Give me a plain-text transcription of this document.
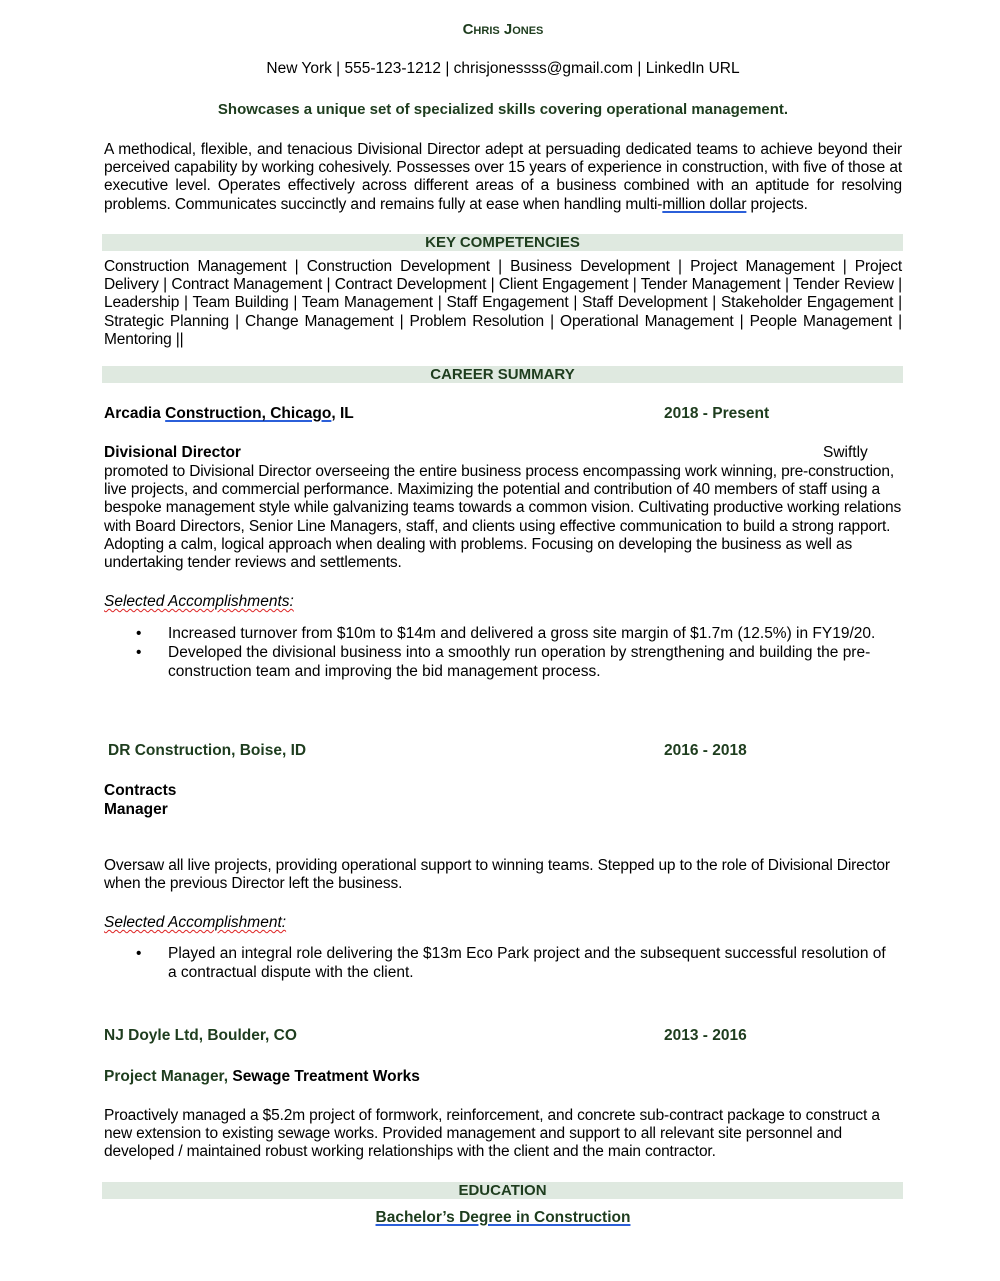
Chris Jones
New York | 555-123-1212 | chrisjonessss@gmail.com | LinkedIn URL
Showcases a unique set of specialized skills covering operational management.
A methodical, flexible, and tenacious Divisional Director adept at persuading dedicated teams to achieve beyond their perceived capability by working cohesively. Possesses over 15 years of experience in construction, with five of those at executive level. Operates effectively across different areas of a business combined with an aptitude for resolving problems. Communicates succinctly and remains fully at ease when handling multi-million dollar projects.
KEY COMPETENCIES
Construction Management | Construction Development | Business Development | Project Management | Project Delivery | Contract Management | Contract Development | Client Engagement | Tender Management | Tender Review | Leadership | Team Building | Team Management | Staff Engagement | Staff Development | Stakeholder Engagement | Strategic Planning | Change Management | Problem Resolution | Operational Management | People Management | Mentoring ||
CAREER SUMMARY
Arcadia Construction, Chicago, IL	2018 - Present
Divisional Director	Swiftly
promoted to Divisional Director overseeing the entire business process encompassing work winning, pre-construction, live projects, and commercial performance. Maximizing the potential and contribution of 40 members of staff using a bespoke management style while galvanizing teams towards a common vision. Cultivating productive working relations with Board Directors, Senior Line Managers, staff, and clients using effective communication to build a strong rapport. Adopting a calm, logical approach when dealing with problems. Focusing on developing the business as well as undertaking tender reviews and settlements.
Selected Accomplishments:
• Increased turnover from $10m to $14m and delivered a gross site margin of $1.7m (12.5%) in FY19/20.
• Developed the divisional business into a smoothly run operation by strengthening and building the pre-construction team and improving the bid management process.
DR Construction, Boise, ID	2016 - 2018
Contracts
Manager
Oversaw all live projects, providing operational support to winning teams. Stepped up to the role of Divisional Director when the previous Director left the business.
Selected Accomplishment:
• Played an integral role delivering the $13m Eco Park project and the subsequent successful resolution of a contractual dispute with the client.
NJ Doyle Ltd, Boulder, CO	2013 - 2016
Project Manager, Sewage Treatment Works
Proactively managed a $5.2m project of formwork, reinforcement, and concrete sub-contract package to construct a new extension to existing sewage works. Provided management and support to all relevant site personnel and developed / maintained robust working relationships with the client and the main contractor.
EDUCATION
Bachelor’s Degree in Construction
